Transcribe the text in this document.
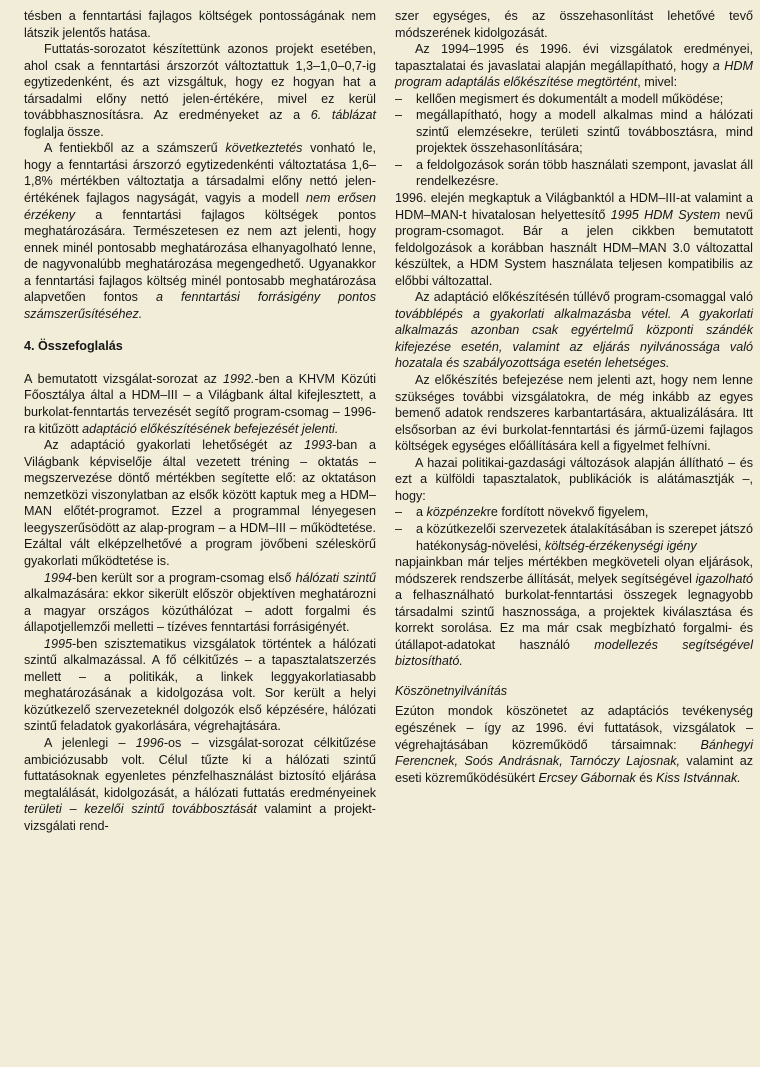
tésben a fenntartási fajlagos költségek pontosságának nem látszik jelentős hatása.

Futtatás-sorozatot készítettünk azonos projekt esetében, ahol csak a fenntartási árszorzót változtattuk 1,3–1,0–0,7-ig egytizedenként, és azt vizsgáltuk, hogy ez hogyan hat a társadalmi előny nettó jelen-értékére, mivel ez kerül továbbhasznosításra. Az eredményeket az a 6. táblázat foglalja össze.

A fentiekből az a számszerű következtetés vonható le, hogy a fenntartási árszorzó egytizedenkénti változtatása 1,6–1,8% mértékben változtatja a társadalmi előny nettó jelen-értékének fajlagos nagyságát, vagyis a modell nem erősen érzékeny a fenntartási fajlagos költségek pontos meghatározására. Természetesen ez nem azt jelenti, hogy ennek minél pontosabb meghatározása elhanyagolható lenne, de nagyvonalúbb meghatározása megengedhető. Ugyanakkor a fenntartási fajlagos költség minél pontosabb meghatározása alapvetően fontos a fenntartási forrásigény pontos számszerűsítéséhez.

4. Összefoglalás

A bemutatott vizsgálat-sorozat az 1992.-ben a KHVM Közúti Főosztálya által a HDM–III – a Világbank által kifejlesztett, a burkolat-fenntartás tervezését segítő program-csomag – 1996-ra kitűzött adaptáció előkészítésének befejezését jelenti.

Az adaptáció gyakorlati lehetőségét az 1993-ban a Világbank képviselője által vezetett tréning – oktatás – megszervezése döntő mértékben segítette elő: az oktatáson nemzetközi viszonylatban az elsők között kaptuk meg a HDM–MAN előtét-programot. Ezzel a programmal lényegesen leegyszerűsödött az alap-program – a HDM–III – működtetése. Ezáltal vált elképzelhetővé a program jövőbeni széleskörű gyakorlati működtetése is.

1994-ben került sor a program-csomag első hálózati szintű alkalmazására: ekkor sikerült először objektíven meghatározni a magyar országos közúthálózat – adott forgalmi és állapotjellemzői melletti – tízéves fenntartási forrásigényét.

1995-ben szisztematikus vizsgálatok történtek a hálózati szintű alkalmazással. A fő célkitűzés – a tapasztalatszerzés mellett – a politikák, a linkek leggyakorlatiasabb meghatározásának a kidolgozása volt. Sor került a helyi közútkezelő szervezeteknél dolgozók első képzésére, hálózati szintű feladatok gyakorlására, végrehajtására.

A jelenlegi – 1996-os – vizsgálat-sorozat célkitűzése ambiciózusabb volt. Célul tűzte ki a hálózati szintű futtatásoknak egyenletes pénzfelhasználást biztosító eljárása megtalálását, kidolgozását, a hálózati futtatás eredményeinek területi – kezelői szintű továbbosztását valamint a projekt-vizsgálati rend-

szer egységes, és az összehasonlítást lehetővé tevő módszerének kidolgozását.

Az 1994–1995 és 1996. évi vizsgálatok eredményei, tapasztalatai és javaslatai alapján megállapítható, hogy a HDM program adaptálás előkészítése megtörtént, mivel:

– kellően megismert és dokumentált a modell működése;
– megállapítható, hogy a modell alkalmas mind a hálózati szintű elemzésekre, területi szintű továbbosztásra, mind projektek összehasonlítására;
– a feldolgozások során több használati szempont, javaslat áll rendelkezésre.

1996. elején megkaptuk a Világbanktól a HDM–III-at valamint a HDM–MAN-t hivatalosan helyettesítő 1995 HDM System nevű program-csomagot. Bár a jelen cikkben bemutatott feldolgozások a korábban használt HDM–MAN 3.0 változattal készültek, a HDM System használata teljesen kompatibilis az előbbi változattal.

Az adaptáció előkészítésén túllévő program-csomaggal való továbblépés a gyakorlati alkalmazásba vétel. A gyakorlati alkalmazás azonban csak egyértelmű központi szándék kifejezése esetén, valamint az eljárás nyilvánossága való hozatala és szabályozottsága esetén lehetséges.

Az előkészítés befejezése nem jelenti azt, hogy nem lenne szükséges további vizsgálatokra, de még inkább az egyes bemenő adatok rendszeres karbantartására, aktualizálására. Itt elsősorban az évi burkolat-fenntartási és jármű-üzemi fajlagos költségek egységes előállítására kell a figyelmet felhívni.

A hazai politikai-gazdasági változások alapján állítható – és ezt a külföldi tapasztalatok, publikációk is alátámasztják –, hogy:

– a közpénzekre fordított növekvő figyelem,
– a közútkezelői szervezetek átalakításában is szerepet játszó hatékonyság-növelési, költség-érzékenységi igény

napjainkban már teljes mértékben megköveteli olyan eljárások, módszerek rendszerbe állítását, melyek segítségével igazolható a felhasználható burkolat-fenntartási összegek legnagyobb társadalmi szintű hasznossága, a projektek kiválasztása és korrekt sorolása. Ez ma már csak megbízható forgalmi- és útállapot-adatokat használó modellezés segítségével biztosítható.

Köszönetnyilvánítás

Ezúton mondok köszönetet az adaptációs tevékenység egészének – így az 1996. évi futtatások, vizsgálatok – végrehajtásában közreműködő társaimnak: Bánhegyi Ferencnek, Soós Andrásnak, Tarnóczy Lajosnak, valamint az eseti közreműködésükért Ercsey Gábornak és Kiss Istvánnak.
